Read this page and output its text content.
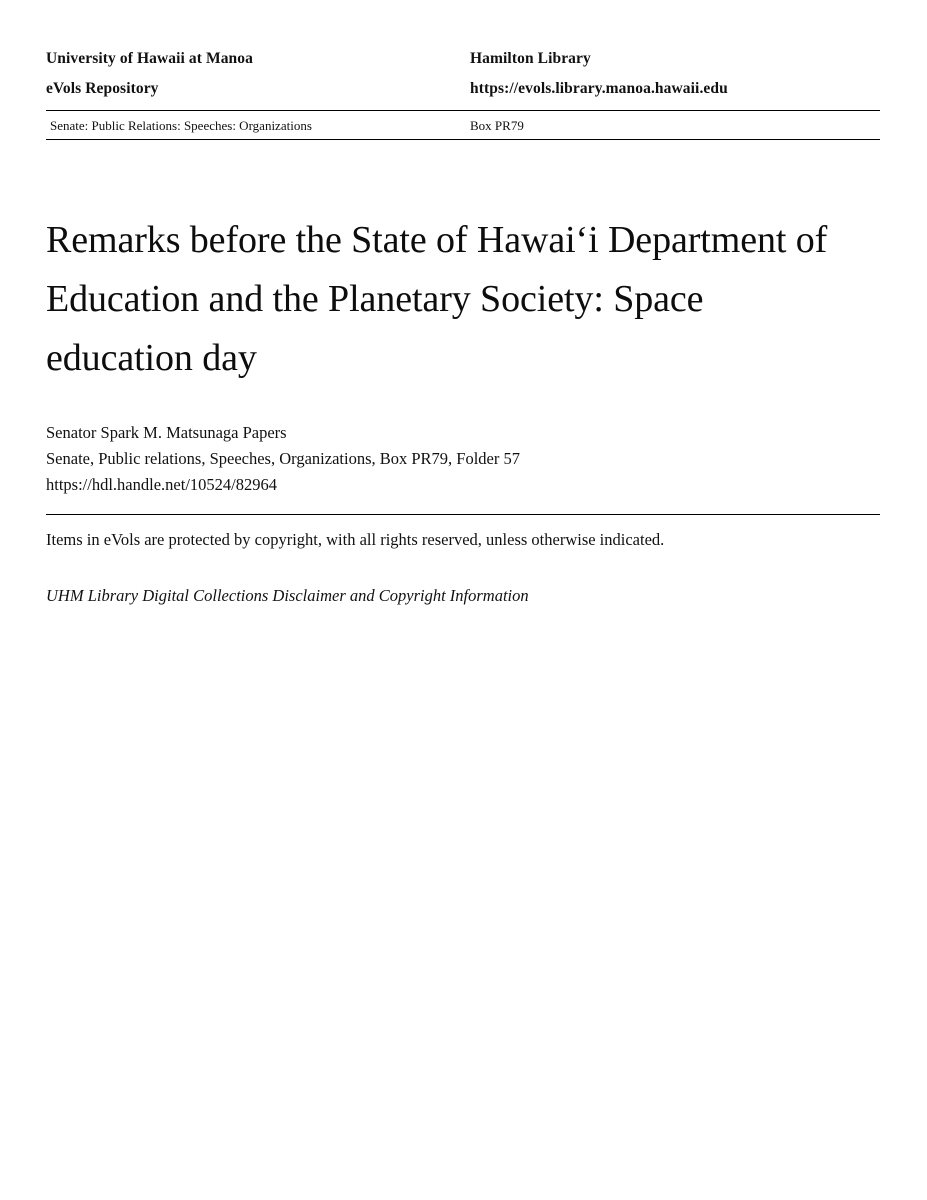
University of Hawaii at Manoa	Hamilton Library
eVols Repository	https://evols.library.manoa.hawaii.edu
Senate: Public Relations: Speeches: Organizations	Box PR79
Remarks before the State of Hawaiʻi Department of Education and the Planetary Society: Space education day
Senator Spark M. Matsunaga Papers
Senate, Public relations, Speeches, Organizations, Box PR79, Folder 57
https://hdl.handle.net/10524/82964
Items in eVols are protected by copyright, with all rights reserved, unless otherwise indicated.
UHM Library Digital Collections Disclaimer and Copyright Information
